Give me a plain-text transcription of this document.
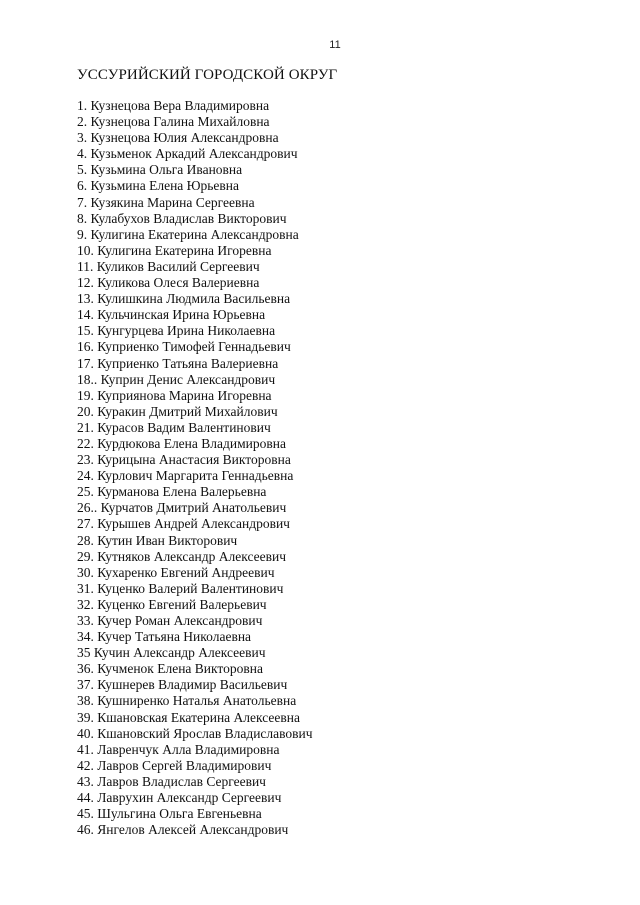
11
УССУРИЙСКИЙ ГОРОДСКОЙ ОКРУГ
1. Кузнецова Вера Владимировна
2. Кузнецова Галина Михайловна
3. Кузнецова Юлия Александровна
4. Кузьменок Аркадий Александрович
5. Кузьмина Ольга Ивановна
6. Кузьмина Елена Юрьевна
7. Кузякина Марина Сергеевна
8. Кулабухов Владислав Викторович
9. Кулигина Екатерина Александровна
10. Кулигина Екатерина Игоревна
11. Куликов Василий Сергеевич
12. Куликова Олеся Валериевна
13. Кулишкина Людмила Васильевна
14. Кульчинская Ирина Юрьевна
15. Кунгурцева Ирина Николаевна
16. Куприенко Тимофей Геннадьевич
17. Куприенко Татьяна Валериевна
18.. Куприн Денис Александрович
19. Куприянова Марина Игоревна
20. Куракин Дмитрий Михайлович
21. Курасов Вадим Валентинович
22. Курдюкова Елена Владимировна
23. Курицына Анастасия Викторовна
24. Курлович Маргарита Геннадьевна
25. Курманова Елена Валерьевна
26.. Курчатов Дмитрий Анатольевич
27. Курышев Андрей Александрович
28. Кутин Иван Викторович
29. Кутняков Александр Алексеевич
30. Кухаренко Евгений Андреевич
31. Куценко Валерий Валентинович
32. Куценко Евгений Валерьевич
33. Кучер Роман Александрович
34. Кучер Татьяна Николаевна
35 Кучин Александр Алексеевич
36. Кучменок Елена Викторовна
37. Кушнерев Владимир Васильевич
38. Кушниренко Наталья Анатольевна
39. Кшановская Екатерина Алексеевна
40. Кшановский Ярослав Владиславович
41. Лавренчук Алла Владимировна
42. Лавров Сергей Владимирович
43. Лавров Владислав Сергеевич
44. Лаврухин Александр Сергеевич
45. Шульгина Ольга Евгеньевна
46. Янгелов Алексей Александрович
